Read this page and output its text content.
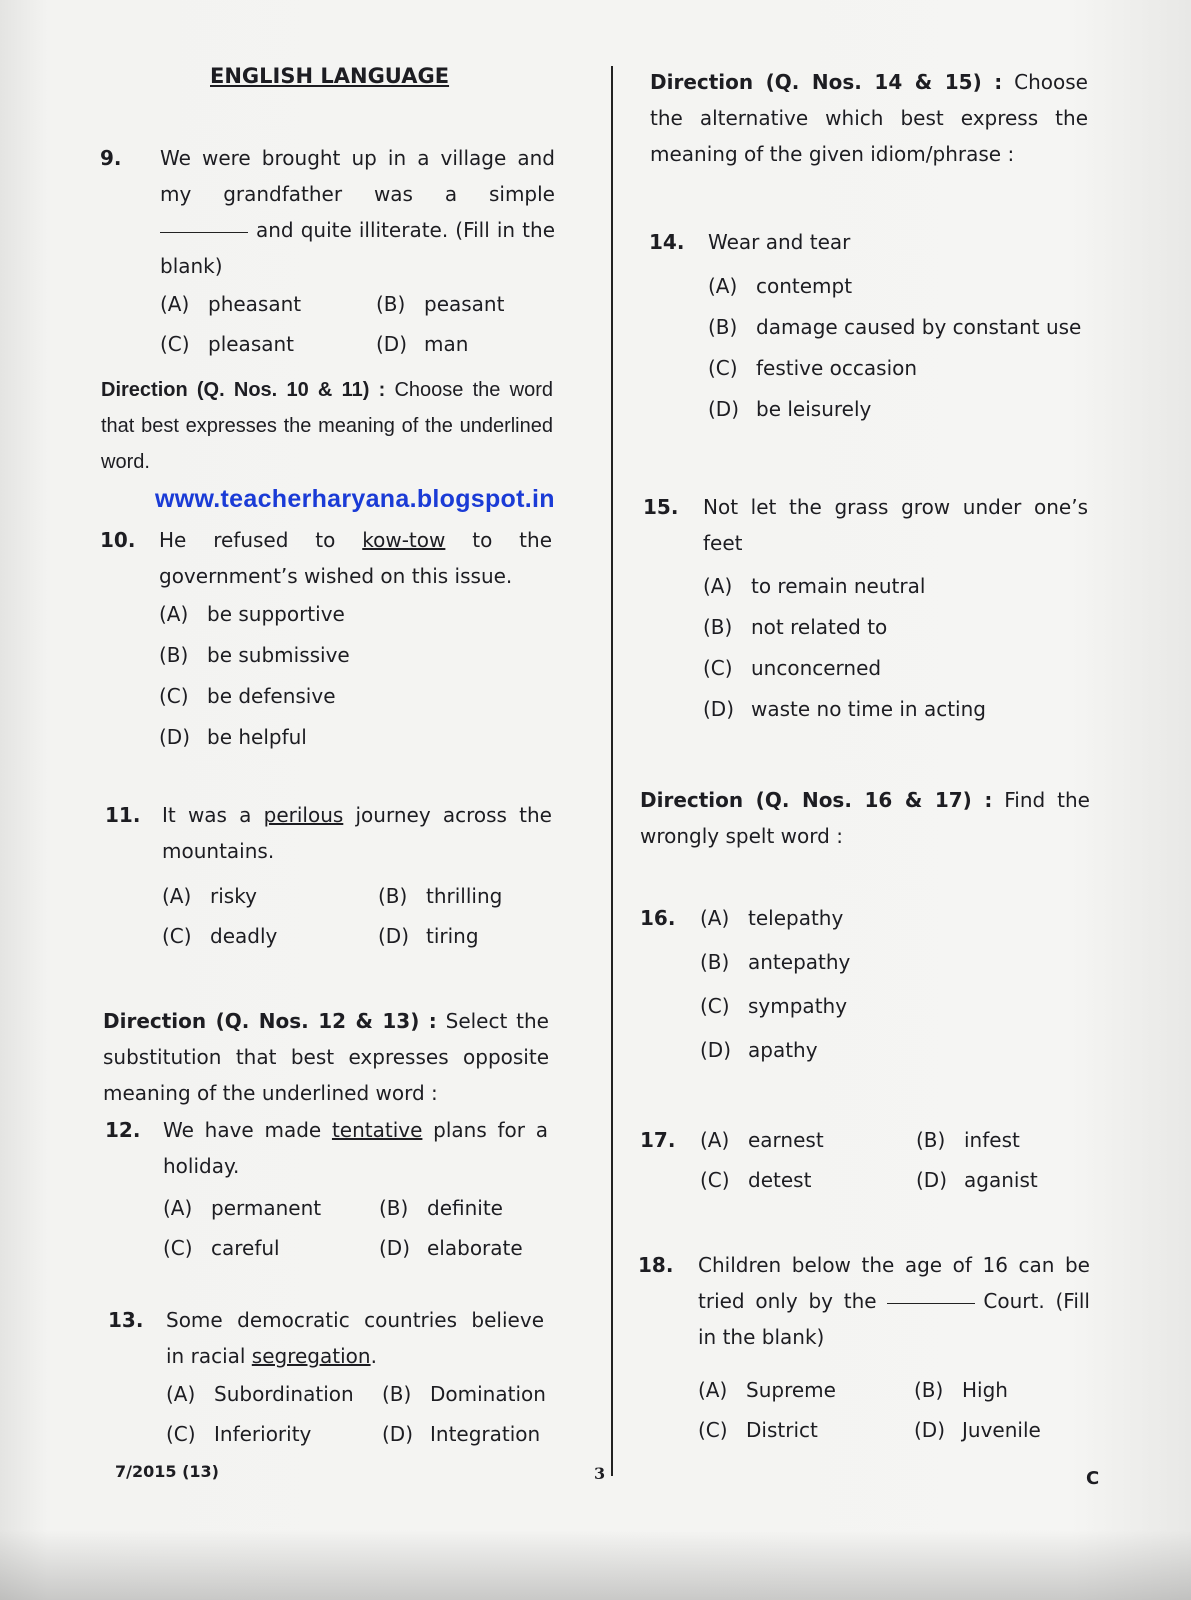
ENGLISH LANGUAGE
www.teacherharyana.blogspot.in
Direction (Q. Nos. 10 & 11) : Choose the word that best expresses the meaning of the underlined word.
Direction (Q. Nos. 12 & 13) : Select the substitution that best expresses opposite meaning of the underlined word :
Direction (Q. Nos. 14 & 15) : Choose the alternative which best express the meaning of the given idiom/phrase :
Direction (Q. Nos. 16 & 17) : Find the wrongly spelt word :
9. We were brought up in a village and my grandfather was a simple and quite illiterate. (Fill in the blank)
(A) pheasant	(B) peasant
(C) pleasant	(D) man
10. He refused to kow-tow to the government’s wished on this issue.
(A) be supportive
(B) be submissive
(C) be defensive
(D) be helpful
11. It was a perilous journey across the mountains.
(A) risky	(B) thrilling
(C) deadly	(D) tiring
12. We have made tentative plans for a holiday.
(A) permanent	(B) definite
(C) careful	(D) elaborate
13. Some democratic countries believe in racial segregation.
(A) Subordination	(B) Domination
(C) Inferiority	(D) Integration
14. Wear and tear
(A) contempt
(B) damage caused by constant use
(C) festive occasion
(D) be leisurely
15. Not let the grass grow under one’s feet
(A) to remain neutral
(B) not related to
(C) unconcerned
(D) waste no time in acting
16. (A) telepathy
(B) antepathy
(C) sympathy
(D) apathy
17. (A) earnest	(B) infest
(C) detest	(D) aganist
18. Children below the age of 16 can be tried only by the	Court. (Fill in the blank)
(A) Supreme	(B) High
(C) District	(D) Juvenile
7/2015 (13)	3	C
